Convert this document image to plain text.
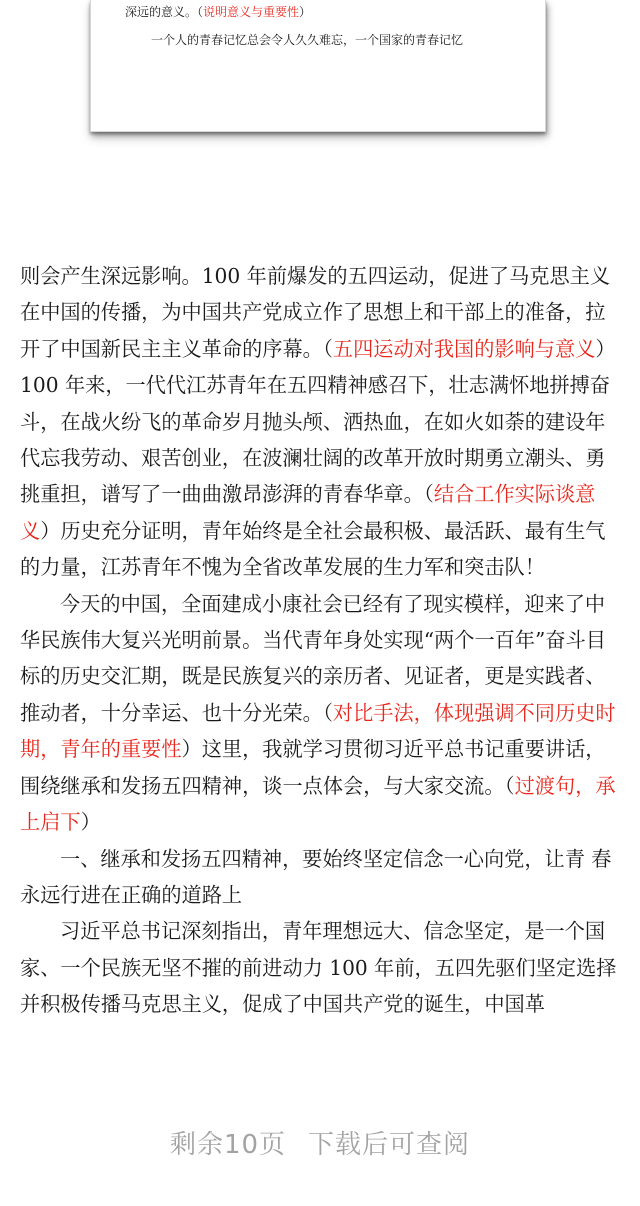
深远的意义。（说明意义与重要性）
一个人的青春记忆总会令人久久难忘，一个国家的青春记忆

则会产生深远影响。100 年前爆发的五四运动，促进了马克思主义在中国的传播，为中国共产党成立作了思想上和干部上的准备，拉开了中国新民主主义革命的序幕。（五四运动对我国的影响与意义）100 年来，一代代江苏青年在五四精神感召下，壮志满怀地拼搏奋斗，在战火纷飞的革命岁月抛头颅、洒热血，在如火如荼的建设年代忘我劳动、艰苦创业，在波澜壮阔的改革开放时期勇立潮头、勇挑重担，谱写了一曲曲激昂澎湃的青春华章。（结合工作实际谈意义）历史充分证明，青年始终是全社会最积极、最活跃、最有生气的力量，江苏青年不愧为全省改革发展的生力军和突击队！

今天的中国，全面建成小康社会已经有了现实模样，迎来了中华民族伟大复兴光明前景。当代青年身处实现“两个一百年”奋斗目标的历史交汇期，既是民族复兴的亲历者、见证者，更是实践者、推动者，十分幸运、也十分光荣。（对比手法，体现强调不同历史时期，青年的重要性）这里，我就学习贯彻习近平总书记重要讲话，围绕继承和发扬五四精神，谈一点体会，与大家交流。（过渡句，承上启下）

一、继承和发扬五四精神，要始终坚定信念一心向党，让青 春永远行进在正确的道路上

习近平总书记深刻指出，青年理想远大、信念坚定，是一个国家、一个民族无坚不摧的前进动力 100 年前，五四先驱们坚定选择并积极传播马克思主义，促成了中国共产党的诞生，中国革

剩余10页 下载后可查阅
